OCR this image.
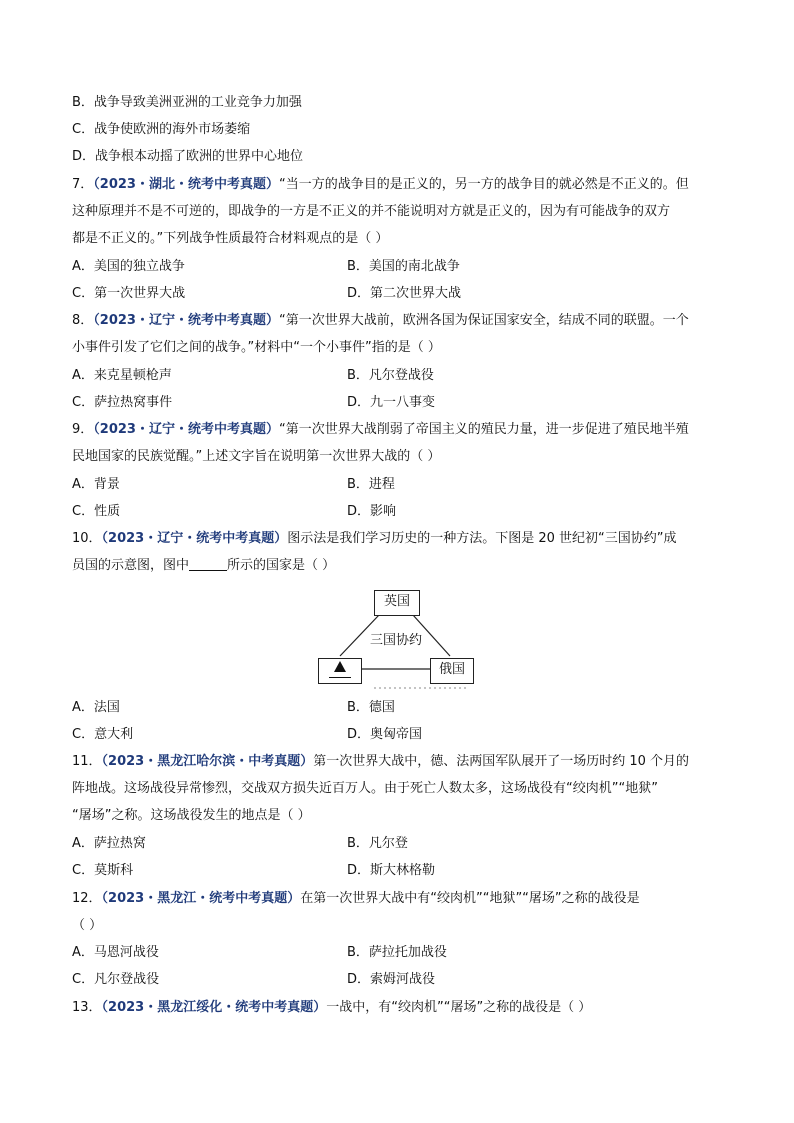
B．战争导致美洲亚洲的工业竞争力加强
C．战争使欧洲的海外市场萎缩
D．战争根本动摇了欧洲的世界中心地位
7．（2023・湖北・统考中考真题）“当一方的战争目的是正义的，另一方的战争目的就必然是不正义的。但
这种原理并不是不可逆的，即战争的一方是不正义的并不能说明对方就是正义的，因为有可能战争的双方
都是不正义的。”下列战争性质最符合材料观点的是（ ）
A．美国的独立战争	B．美国的南北战争
C．第一次世界大战	D．第二次世界大战
8．（2023・辽宁・统考中考真题）“第一次世界大战前，欧洲各国为保证国家安全，结成不同的联盟。一个
小事件引发了它们之间的战争。”材料中“一个小事件”指的是（ ）
A．来克星顿枪声	B．凡尔登战役
C．萨拉热窝事件	D．九一八事变
9．（2023・辽宁・统考中考真题）“第一次世界大战削弱了帝国主义的殖民力量，进一步促进了殖民地半殖
民地国家的民族觉醒。”上述文字旨在说明第一次世界大战的（ ）
A．背景	B．进程
C．性质	D．影响
10．（2023・辽宁・统考中考真题）图示法是我们学习历史的一种方法。下图是 20 世纪初“三国协约”成
员国的示意图，图中	所示的国家是（ ）
英国
三国协约
俄国
A．法国	B．德国
C．意大利	D．奥匈帝国
11．（2023・黑龙江哈尔滨・中考真题）第一次世界大战中，德、法两国军队展开了一场历时约 10 个月的
阵地战。这场战役异常惨烈，交战双方损失近百万人。由于死亡人数太多，这场战役有“绞肉机”“地狱”
“屠场”之称。这场战役发生的地点是（ ）
A．萨拉热窝	B．凡尔登
C．莫斯科	D．斯大林格勒
12．（2023・黑龙江・统考中考真题）在第一次世界大战中有“绞肉机”“地狱”“屠场”之称的战役是
（ ）
A．马恩河战役	B．萨拉托加战役
C．凡尔登战役	D．索姆河战役
13．（2023・黑龙江绥化・统考中考真题）一战中，有“绞肉机”“屠场”之称的战役是（ ）
